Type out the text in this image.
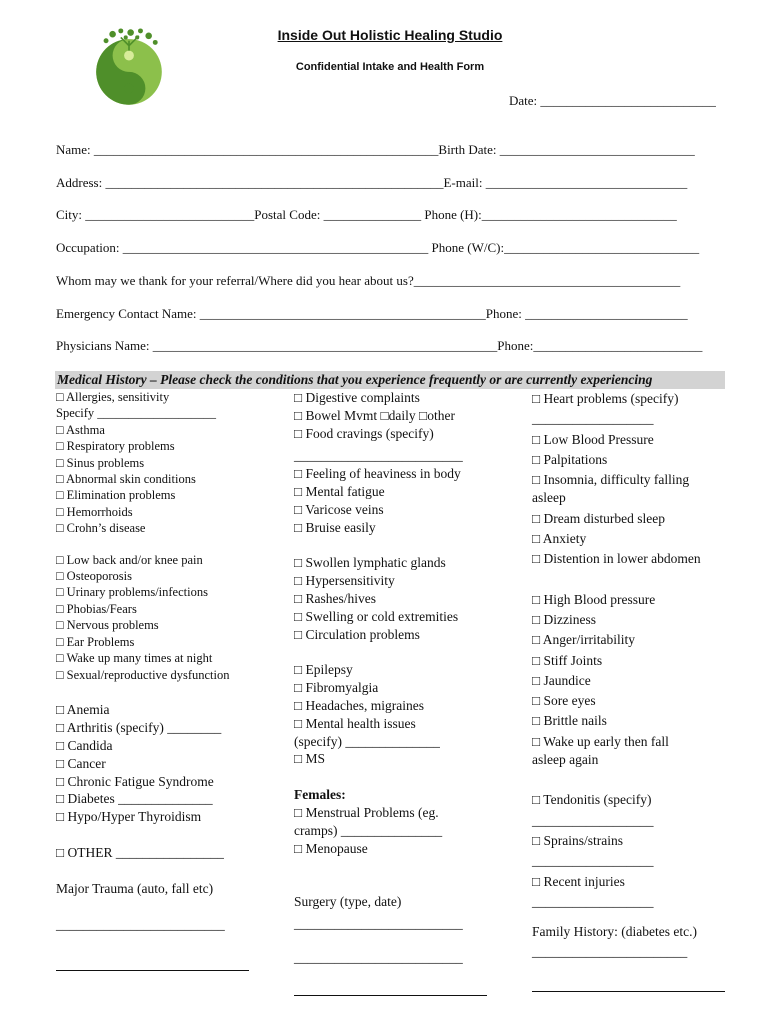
Inside Out Holistic Healing Studio
Confidential Intake and Health Form
Date: ___________________________
Name: _____________________________________________________Birth Date: ______________________________
Address: ____________________________________________________E-mail: _______________________________
City: __________________________Postal Code: _______________ Phone (H):______________________________
Occupation: _______________________________________________ Phone (W/C):______________________________
Whom may we thank for your referral/Where did you hear about us?_________________________________________
Emergency Contact Name: ____________________________________________Phone: _________________________
Physicians Name: _____________________________________________________Phone:__________________________
Medical History – Please check the conditions that you experience frequently or are currently experiencing
□ Allergies, sensitivity
Specify ___________________
□ Asthma
□ Respiratory problems
□ Sinus problems
□ Abnormal skin conditions
□ Elimination problems
□ Hemorrhoids
□ Crohn’s disease
□ Low back and/or knee pain
□ Osteoporosis
□ Urinary problems/infections
□ Phobias/Fears
□ Nervous problems
□ Ear Problems
□ Wake up many times at night
□ Sexual/reproductive dysfunction
□ Anemia
□ Arthritis (specify) ________
□ Candida
□ Cancer
□ Chronic Fatigue Syndrome
□ Diabetes ______________
□ Hypo/Hyper Thyroidism
□ OTHER ________________
Major Trauma (auto, fall etc)
_________________________
□ Digestive complaints
□ Bowel Mvmt □daily □other
□ Food cravings (specify)
_________________________
□ Feeling of heaviness in body
□ Mental fatigue
□ Varicose veins
□ Bruise easily
□ Swollen lymphatic glands
□ Hypersensitivity
□ Rashes/hives
□ Swelling or cold extremities
□ Circulation problems
□ Epilepsy
□ Fibromyalgia
□ Headaches, migraines
□ Mental health issues
(specify) ______________
□ MS
Females:
□ Menstrual Problems (eg.
cramps) _______________
□ Menopause
Surgery (type, date)
_________________________
_________________________
□ Heart problems (specify)
__________________
□ Low Blood Pressure
□ Palpitations
□ Insomnia, difficulty falling
asleep
□ Dream disturbed sleep
□ Anxiety
□ Distention in lower abdomen
□ High Blood pressure
□ Dizziness
□ Anger/irritability
□ Stiff Joints
□ Jaundice
□ Sore eyes
□ Brittle nails
□ Wake up early then fall
asleep again
□ Tendonitis (specify)
__________________
□ Sprains/strains
__________________
□ Recent injuries
__________________
Family History: (diabetes etc.)
_______________________
